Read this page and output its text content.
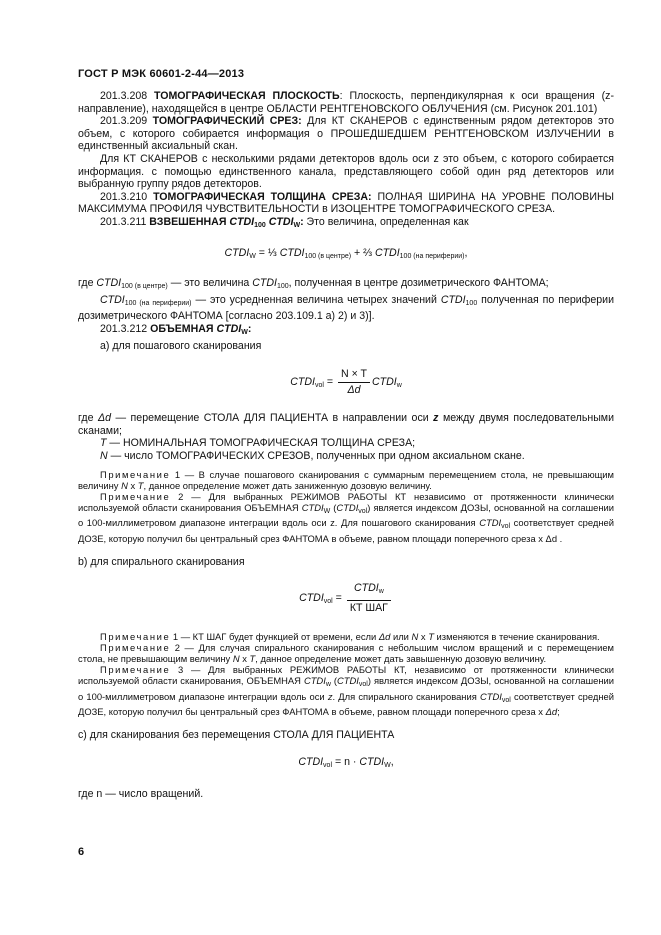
ГОСТ Р МЭК 60601-2-44—2013

201.3.208 ТОМОГРАФИЧЕСКАЯ ПЛОСКОСТЬ: Плоскость, перпендикулярная к оси вращения (z-направление), находящейся в центре ОБЛАСТИ РЕНТГЕНОВСКОГО ОБЛУЧЕНИЯ (см. Рисунок 201.101)

201.3.209 ТОМОГРАФИЧЕСКИЙ СРЕЗ: Для КТ СКАНЕРОВ с единственным рядом детекторов это объем, с которого собирается информация о ПРОШЕДШЕДШЕМ РЕНТГЕНОВСКОМ ИЗЛУЧЕНИИ в единственный аксиальный скан.

Для КТ СКАНЕРОВ с несколькими рядами детекторов вдоль оси z это объем, с которого собирается информация. с помощью единственного канала, представляющего собой один ряд детекторов или выбранную группу рядов детекторов.

201.3.210 ТОМОГРАФИЧЕСКАЯ ТОЛЩИНА СРЕЗА: ПОЛНАЯ ШИРИНА НА УРОВНЕ ПОЛОВИНЫ МАКСИМУМА ПРОФИЛЯ ЧУВСТВИТЕЛЬНОСТИ в ИЗОЦЕНТРЕ ТОМОГРАФИЧЕСКОГО СРЕЗА.

201.3.211 ВЗВЕШЕННАЯ $CTDI_{100}$ $CTDI_W$: Это величина, определенная как

$CTDI_W$ = ⅓ $CTDI_{100 (в центре)}$ + ⅔ $CTDI_{100 (на периферии)}$,

где $CTDI_{100 (в центре)}$ — это величина $CTDI_{100}$, полученная в центре дозиметрического ФАНТОМА;

$CTDI_{100 (на периферии)}$ — это усредненная величина четырех значений $CTDI_{100}$ полученная по периферии дозиметрического ФАНТОМА [согласно 203.109.1 а) 2) и 3)].

201.3.212 ОБЪЕМНАЯ $CTDI_W$:

а) для пошагового сканирования

$CTDI_{vol} = \frac{N \times T}{\Delta d}$ $CTDI_w$

где Δd — перемещение СТОЛА ДЛЯ ПАЦИЕНТА в направлении оси z между двумя последовательными сканами;

T — НОМИНАЛЬНАЯ ТОМОГРАФИЧЕСКАЯ ТОЛЩИНА СРЕЗА;

N — число ТОМОГРАФИЧЕСКИХ СРЕЗОВ, полученных при одном аксиальном скане.

Примечание 1 — В случае пошагового сканирования с суммарным перемещением стола, не превышающим величину N х T, данное определение может дать заниженную дозовую величину.

Примечание 2 — Для выбранных РЕЖИМОВ РАБОТЫ КТ независимо от протяженности клинически используемой области сканирования ОБЪЕМНАЯ $CTDI_W$ $(CTDI_{vol})$ является индексом ДОЗЫ, основанной на соглашении о 100-миллиметровом диапазоне интеграции вдоль оси z. Для пошагового сканирования $CTDI_{vol}$ соответствует средней ДОЗЕ, которую получил бы центральный срез ФАНТОМА в объеме, равном площади поперечного среза х Δd .

b) для спирального сканирования

$CTDI_{vol} = \frac{CTDI_w}{\text{КТ ШАГ}}$

Примечание 1 — КТ ШАГ будет функцией от времени, если Δd или N х T изменяются в течение сканирования.

Примечание 2 — Для случая спирального сканирования с небольшим числом вращений и с перемещением стола, не превышающим величину N х T, данное определение может дать завышенную дозовую величину.

Примечание 3 — Для выбранных РЕЖИМОВ РАБОТЫ КТ, независимо от протяженности клинически используемой области сканирования, ОБЪЕМНАЯ $CTDI_w$ $(CTDI_{vol})$ является индексом ДОЗЫ, основанной на соглашении о 100-миллиметровом диапазоне интеграции вдоль оси z. Для спирального сканирования $CTDI_{vol}$ соответствует средней ДОЗЕ, которую получил бы центральный срез ФАНТОМА в объеме, равном площади поперечного среза х Δd;

с) для сканирования без перемещения СТОЛА ДЛЯ ПАЦИЕНТА

$CTDI_{vol} = n$ · $CTDI_W$,

где n — число вращений.

6
